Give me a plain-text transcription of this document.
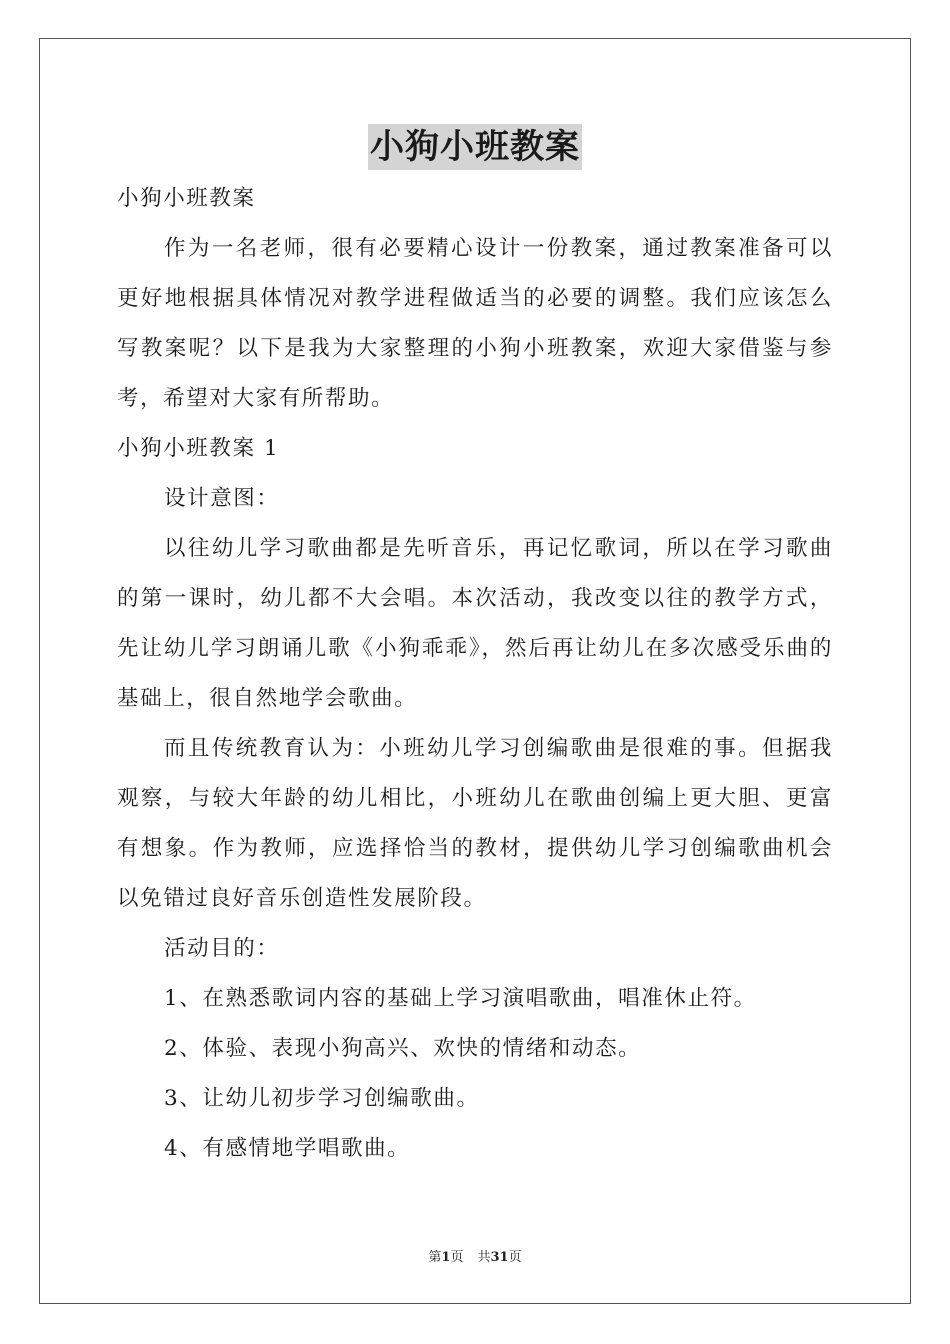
小狗小班教案

小狗小班教案

作为一名老师，很有必要精心设计一份教案，通过教案准备可以更好地根据具体情况对教学进程做适当的必要的调整。我们应该怎么写教案呢？以下是我为大家整理的小狗小班教案，欢迎大家借鉴与参考，希望对大家有所帮助。

小狗小班教案 1

设计意图：

以往幼儿学习歌曲都是先听音乐，再记忆歌词，所以在学习歌曲的第一课时，幼儿都不大会唱。本次活动，我改变以往的教学方式，先让幼儿学习朗诵儿歌《小狗乖乖》，然后再让幼儿在多次感受乐曲的基础上，很自然地学会歌曲。

而且传统教育认为：小班幼儿学习创编歌曲是很难的事。但据我观察，与较大年龄的幼儿相比，小班幼儿在歌曲创编上更大胆、更富有想象。作为教师，应选择恰当的教材，提供幼儿学习创编歌曲机会以免错过良好音乐创造性发展阶段。

活动目的：

1、在熟悉歌词内容的基础上学习演唱歌曲，唱准休止符。

2、体验、表现小狗高兴、欢快的情绪和动态。

3、让幼儿初步学习创编歌曲。

4、有感情地学唱歌曲。

第1页 共31页
